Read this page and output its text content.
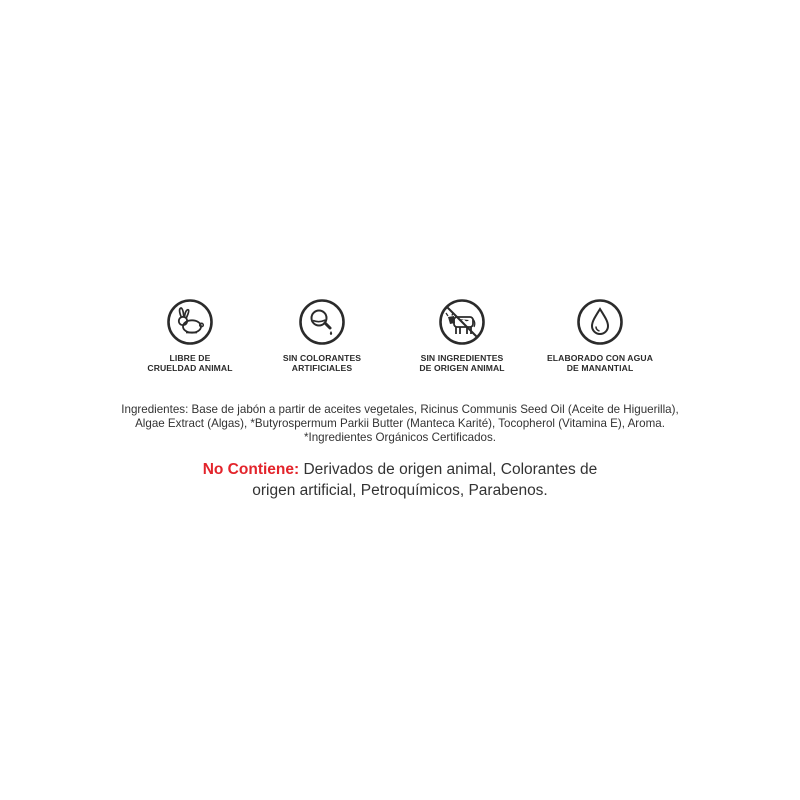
LIBRE DE
CRUELDAD ANIMAL
SIN COLORANTES
ARTIFICIALES
SIN INGREDIENTES
DE ORIGEN ANIMAL
ELABORADO CON AGUA
DE MANANTIAL
Ingredientes: Base de jabón a partir de aceites vegetales, Ricinus Communis Seed Oil (Aceite de Higuerilla),
Algae Extract (Algas), *Butyrospermum Parkii Butter (Manteca Karité), Tocopherol (Vitamina E), Aroma.
*Ingredientes Orgánicos Certificados.
No Contiene: Derivados de origen animal, Colorantes de
origen artificial, Petroquímicos, Parabenos.
